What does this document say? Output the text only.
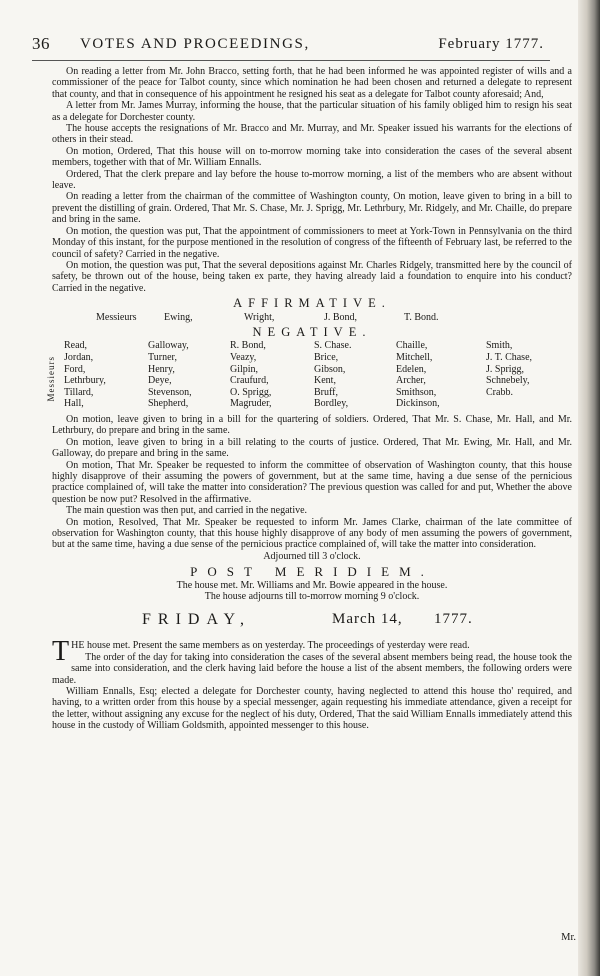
36 VOTES AND PROCEEDINGS,	February 1777.

On reading a letter from Mr. John Bracco, setting forth, that he had been informed he was appointed register of wills and a commissioner of the peace for Talbot county, since which nomination he had been chosen and returned a delegate to represent that county, and that in consequence of his appointment he resigned his seat as a delegate for Talbot county aforesaid; And,

A letter from Mr. James Murray, informing the house, that the particular situation of his family obliged him to resign his seat as a delegate for Dorchester county.

The house accepts the resignations of Mr. Bracco and Mr. Murray, and Mr. Speaker issued his warrants for the elections of others in their stead.

On motion, Ordered, That this house will on to-morrow morning take into consideration the cases of the several absent members, together with that of Mr. William Ennalls.

Ordered, That the clerk prepare and lay before the house to-morrow morning, a list of the members who are absent without leave.

On reading a letter from the chairman of the committee of Washington county, On motion, leave given to bring in a bill to prevent the distilling of grain. Ordered, That Mr. S. Chase, Mr. J. Sprigg, Mr. Lethrbury, Mr. Ridgely, and Mr. Chaille, do prepare and bring in the same.

On motion, the question was put, That the appointment of commissioners to meet at York-Town in Pennsylvania on the third Monday of this instant, for the purpose mentioned in the resolution of congress of the fifteenth of February last, be referred to the council of safety? Carried in the negative.

On motion, the question was put, That the several depositions against Mr. Charles Ridgely, transmitted here by the council of safety, be thrown out of the house, being taken ex parte, they having already laid a foundation to enquire into his conduct? Carried in the negative.

AFFIRMATIVE.
Messieurs	Ewing,	Wright,	J. Bond,	T. Bond.
NEGATIVE.
Messieurs
Read,	Galloway,	R. Bond,	S. Chase.	Chaille,	Smith,
Jordan,	Turner,	Veazy,	Brice,	Mitchell,	J. T. Chase,
Ford,	Henry,	Gilpin,	Gibson,	Edelen,	J. Sprigg,
Lethrbury,	Deye,	Craufurd,	Kent,	Archer,	Schnebely,
Tillard,	Stevenson,	O. Sprigg,	Bruff,	Smithson,	Crabb.
Hall,	Shepherd,	Magruder,	Bordley,	Dickinson,

On motion, leave given to bring in a bill for the quartering of soldiers. Ordered, That Mr. S. Chase, Mr. Hall, and Mr. Lethrbury, do prepare and bring in the same.

On motion, leave given to bring in a bill relating to the courts of justice. Ordered, That Mr. Ewing, Mr. Hall, and Mr. Galloway, do prepare and bring in the same.

On motion, That Mr. Speaker be requested to inform the committee of observation of Washington county, that this house highly disapprove of their assuming the powers of government, but at the same time, having a due sense of the pernicious practice complained of, will take the matter into consideration? The previous question was called for and put, Whether the above question be now put? Resolved in the affirmative.

The main question was then put, and carried in the negative.

On motion, Resolved, That Mr. Speaker be requested to inform Mr. James Clarke, chairman of the late committee of observation for Washington county, that this house highly disapprove of any body of men assuming the powers of government, but at the same time, having a due sense of the pernicious practice complained of, will take the matter into consideration.

Adjourned till 3 o'clock.

POST MERIDIEM.

The house met. Mr. Williams and Mr. Bowie appeared in the house.

The house adjourns till to-morrow morning 9 o'clock.

FRIDAY,	March 14, 1777.

THE house met. Present the same members as on yesterday. The proceedings of yesterday were read.

The order of the day for taking into consideration the cases of the several absent members being read, the house took the same into consideration, and the clerk having laid before the house a list of the absent members, the following orders were made.

William Ennalls, Esq; elected a delegate for Dorchester county, having neglected to attend this house tho' required, and having, to a written order from this house by a special messenger, again requesting his immediate attendance, given a receipt for the letter, without assigning any excuse for the neglect of his duty, Ordered, That the said William Ennalls immediately attend this house in the custody of William Goldsmith, appointed messenger to this house.

Mr.
